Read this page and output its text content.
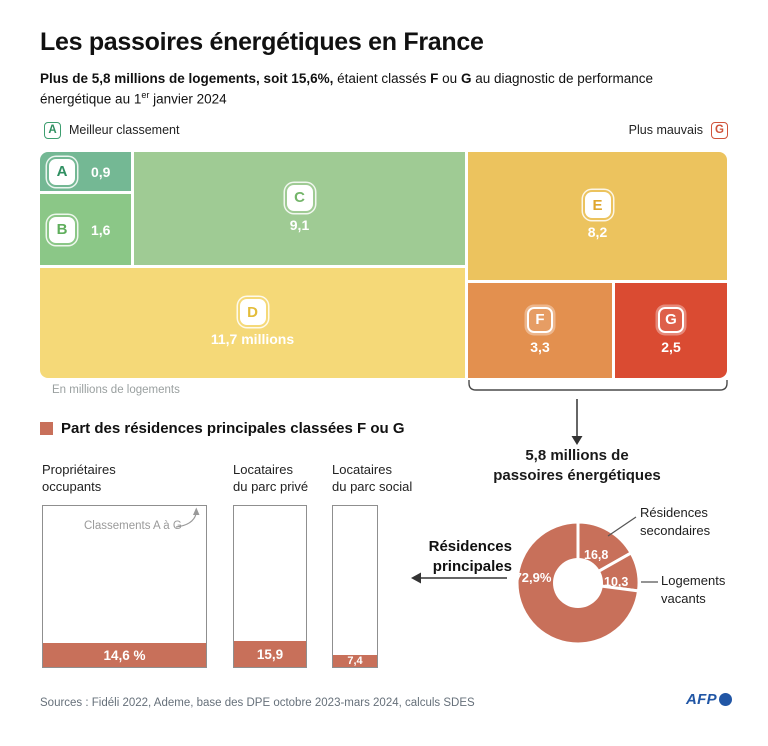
Les passoires énergétiques en France
Plus de 5,8 millions de logements, soit 15,6%, étaient classés F ou G au diagnostic de performance énergétique au 1er janvier 2024
A Meilleur classement	Plus mauvais	G
A	0,9
B	1,6
C
9,1
D
11,7 millions
E
8,2
F
3,3
G
2,5
En millions de logements
5,8 millions de
passoires énergétiques
Part des résidences principales classées F ou G
Propriétaires
occupants
Locataires
du parc privé
Locataires
du parc social
14,6 %	15,9	7,4
Classements A à G
72,9%
16,8
10,3
Résidences
secondaires
Logements
vacants
Résidences
principales
Sources : Fidéli 2022, Ademe, base des DPE octobre 2023-mars 2024, calculs SDES	AFP
